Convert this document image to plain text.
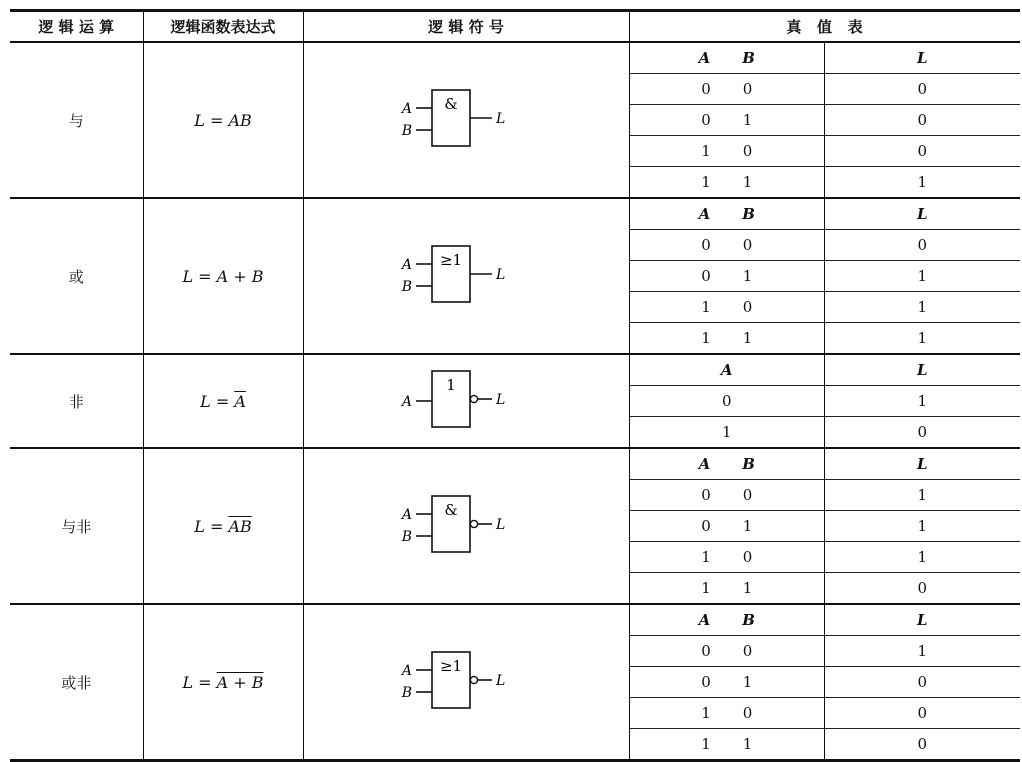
逻 辑 运 算	逻辑函数表达式	逻 辑 符 号	真   值   表
与	L = AB	
&
A
B
L

A B	L

0 0	0

0 1	0

1 0	0

1 1	1

或	L = A + B	
≥1
A
B
L

A B	L

0 0	0

0 1	1

1 0	1

1 1	1

非	$L = \overline{A}$	
1
A	L

A	L

0	1

1	0

与非	$L = \overline{AB}$	
&
A
B
L

A B	L

0 0	1

0 1	1

1 0	1

1 1	0

或非	L = A + B	
≥1
A
B
L

A B	L

0 0	1

0 1	0

1 0	0

1 1	0
